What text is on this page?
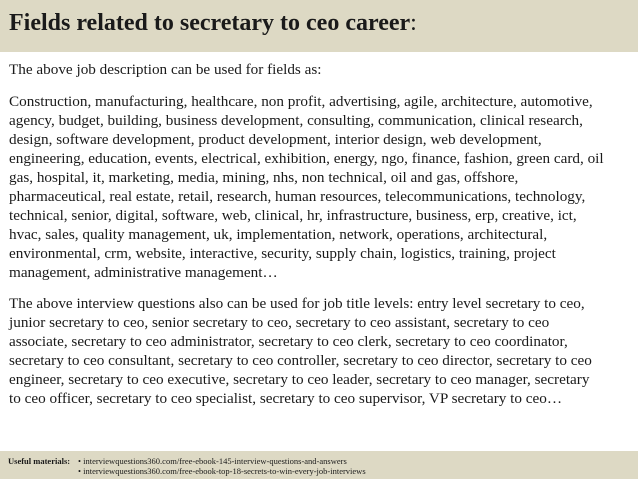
Fields related to secretary to ceo career:

The above job description can be used for fields as:

Construction, manufacturing, healthcare, non profit, advertising, agile, architecture, automotive,
agency, budget, building, business development, consulting, communication, clinical research,
design, software development, product development, interior design, web development,
engineering, education, events, electrical, exhibition, energy, ngo, finance, fashion, green card, oil
gas, hospital, it, marketing, media, mining, nhs, non technical, oil and gas, offshore,
pharmaceutical, real estate, retail, research, human resources, telecommunications, technology,
technical, senior, digital, software, web, clinical, hr, infrastructure, business, erp, creative, ict,
hvac, sales, quality management, uk, implementation, network, operations, architectural,
environmental, crm, website, interactive, security, supply chain, logistics, training, project
management, administrative management…

The above interview questions also can be used for job title levels: entry level secretary to ceo,
junior secretary to ceo, senior secretary to ceo, secretary to ceo assistant, secretary to ceo
associate, secretary to ceo administrator, secretary to ceo clerk, secretary to ceo coordinator,
secretary to ceo consultant, secretary to ceo controller, secretary to ceo director, secretary to ceo
engineer, secretary to ceo executive, secretary to ceo leader, secretary to ceo manager, secretary
to ceo officer, secretary to ceo specialist, secretary to ceo supervisor, VP secretary to ceo…

Useful materials: • interviewquestions360.com/free-ebook-145-interview-questions-and-answers
• interviewquestions360.com/free-ebook-top-18-secrets-to-win-every-job-interviews
